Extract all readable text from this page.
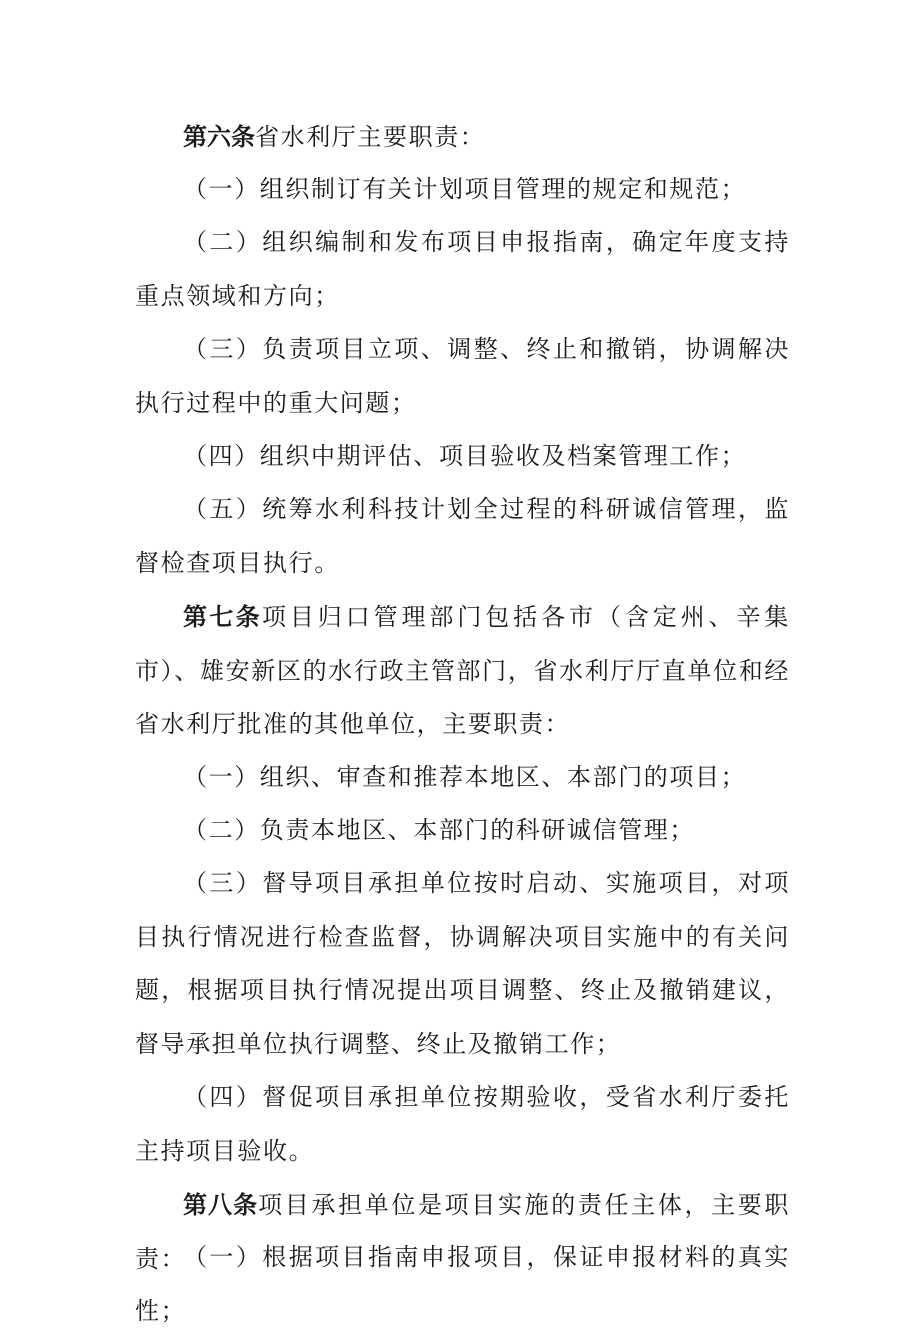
第六条省水利厅主要职责：

（一）组织制订有关计划项目管理的规定和规范；

（二）组织编制和发布项目申报指南，确定年度支持重点领域和方向；

（三）负责项目立项、调整、终止和撤销，协调解决执行过程中的重大问题；

（四）组织中期评估、项目验收及档案管理工作；

（五）统筹水利科技计划全过程的科研诚信管理，监督检查项目执行。

第七条项目归口管理部门包括各市（含定州、辛集市）、雄安新区的水行政主管部门，省水利厅厅直单位和经省水利厅批准的其他单位，主要职责：

（一）组织、审查和推荐本地区、本部门的项目；

（二）负责本地区、本部门的科研诚信管理；

（三）督导项目承担单位按时启动、实施项目，对项目执行情况进行检查监督，协调解决项目实施中的有关问题，根据项目执行情况提出项目调整、终止及撤销建议，督导承担单位执行调整、终止及撤销工作；

（四）督促项目承担单位按期验收，受省水利厅委托主持项目验收。

第八条项目承担单位是项目实施的责任主体，主要职责：

（一）根据项目指南申报项目，保证申报材料的真实性；
